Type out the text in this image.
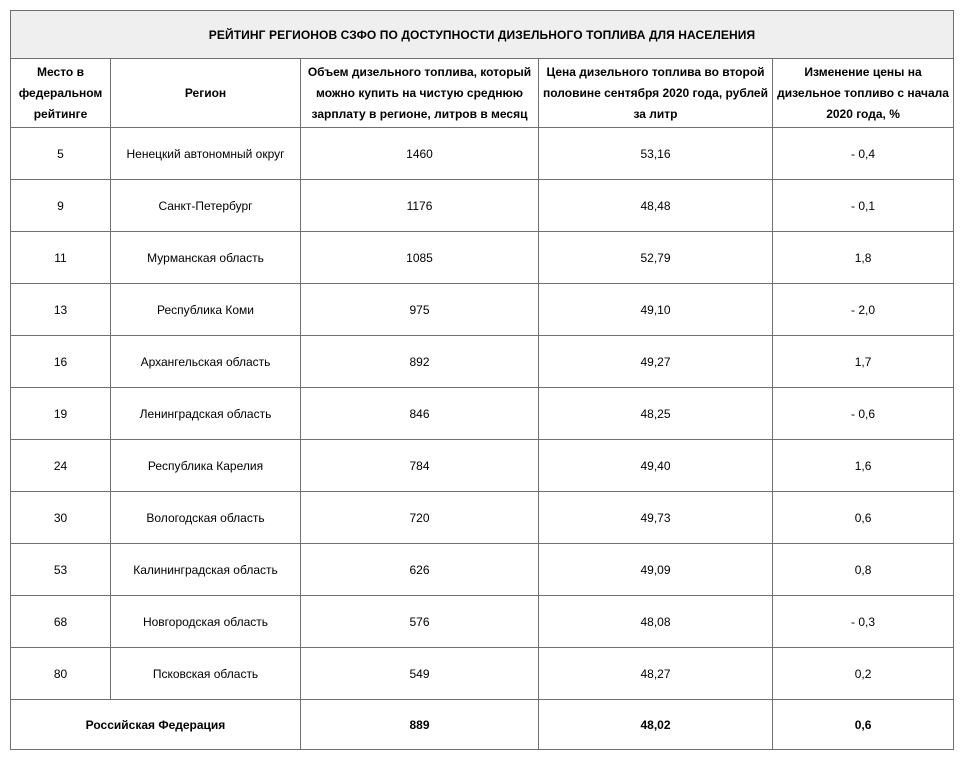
РЕЙТИНГ РЕГИОНОВ СЗФО ПО ДОСТУПНОСТИ ДИЗЕЛЬНОГО ТОПЛИВА ДЛЯ НАСЕЛЕНИЯ				
Место в федеральном рейтинге	Регион	Объем дизельного топлива, который можно купить на чистую среднюю зарплату в регионе, литров в месяц	Цена дизельного топлива во второй половине сентября 2020 года, рублей за литр	Изменение цены на дизельное топливо с начала 2020 года, %
5	Ненецкий автономный округ	1460	53,16	- 0,4
9	Санкт-Петербург	1176	48,48	- 0,1
11	Мурманская область	1085	52,79	1,8
13	Республика Коми	975	49,10	- 2,0
16	Архангельская область	892	49,27	1,7
19	Ленинградская область	846	48,25	- 0,6
24	Республика Карелия	784	49,40	1,6
30	Вологодская область	720	49,73	0,6
53	Калининградская область	626	49,09	0,8
68	Новгородская область	576	48,08	- 0,3
80	Псковская область	549	48,27	0,2
Российская Федерация		889	48,02	0,6
